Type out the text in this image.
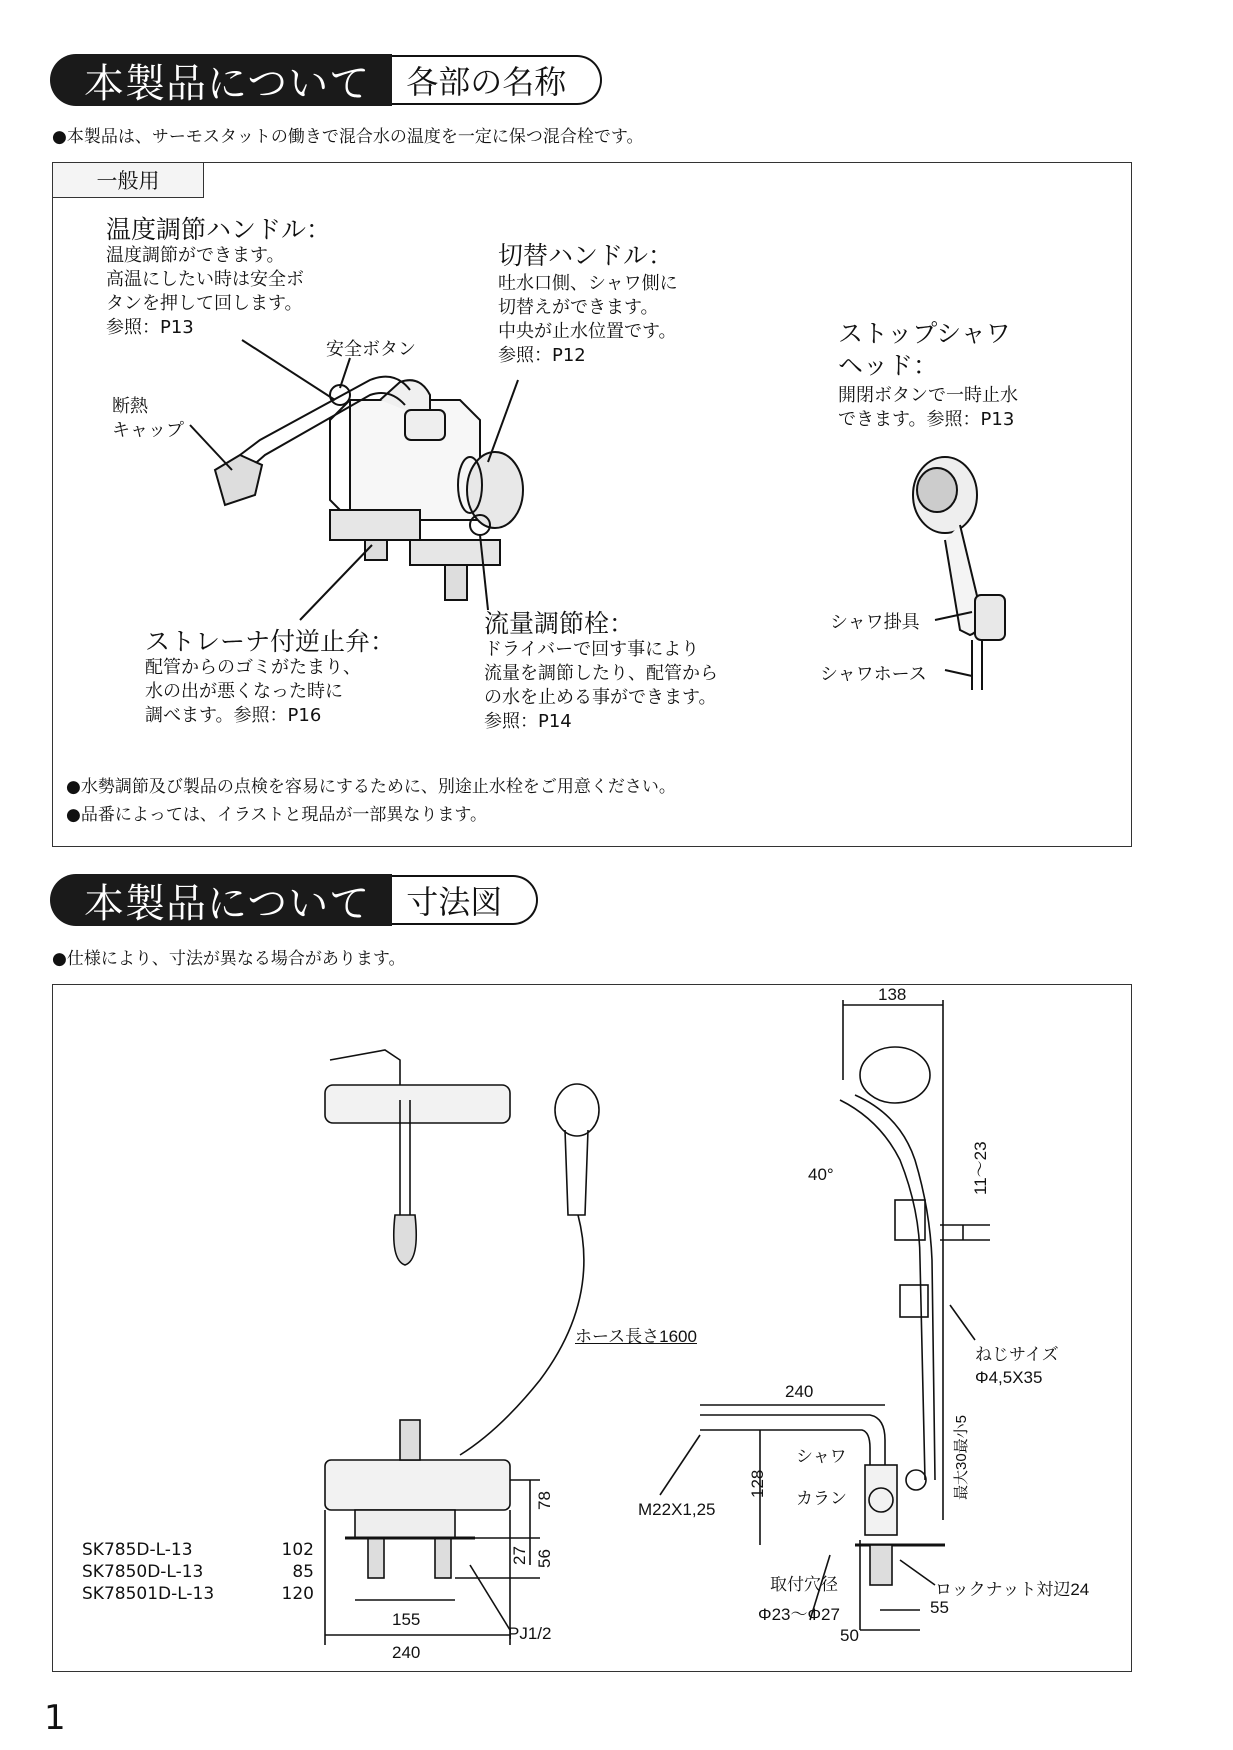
本製品について	各部の名称
●本製品は、サーモスタットの働きで混合水の温度を一定に保つ混合栓です。
一般用
温度調節ハンドル：
温度調節ができます。
高温にしたい時は安全ボ
タンを押して回します。
参照：P13
切替ハンドル：
吐水口側、シャワ側に
切替えができます。
中央が止水位置です。
参照：P12
ストップシャワ
ヘッド：
開閉ボタンで一時止水
できます。参照：P13
安全ボタン
断熱
キャップ
ストレーナ付逆止弁：
配管からのゴミがたまり、
水の出が悪くなった時に
調べます。参照：P16
流量調節栓：
ドライバーで回す事により
流量を調節したり、配管から
の水を止める事ができます。
参照：P14
シャワ掛具
シャワホース
●水勢調節及び製品の点検を容易にするために、別途止水栓をご用意ください。
●品番によっては、イラストと現品が一部異なります。
本製品について	寸法図
●仕様により、寸法が異なる場合があります。
138
40°	11～23
ホース長さ1600
ねじサイズ
Φ4,5X35
240
最大30最小5
シャワ
カラン
128
M22X1,25
取付穴径
Φ23～Φ27
ロックナット対辺24
55
50
78
27 56
155
240
PJ1/2
SK785D-L-13	102
SK7850D-L-13	85
SK78501D-L-13	120
1
